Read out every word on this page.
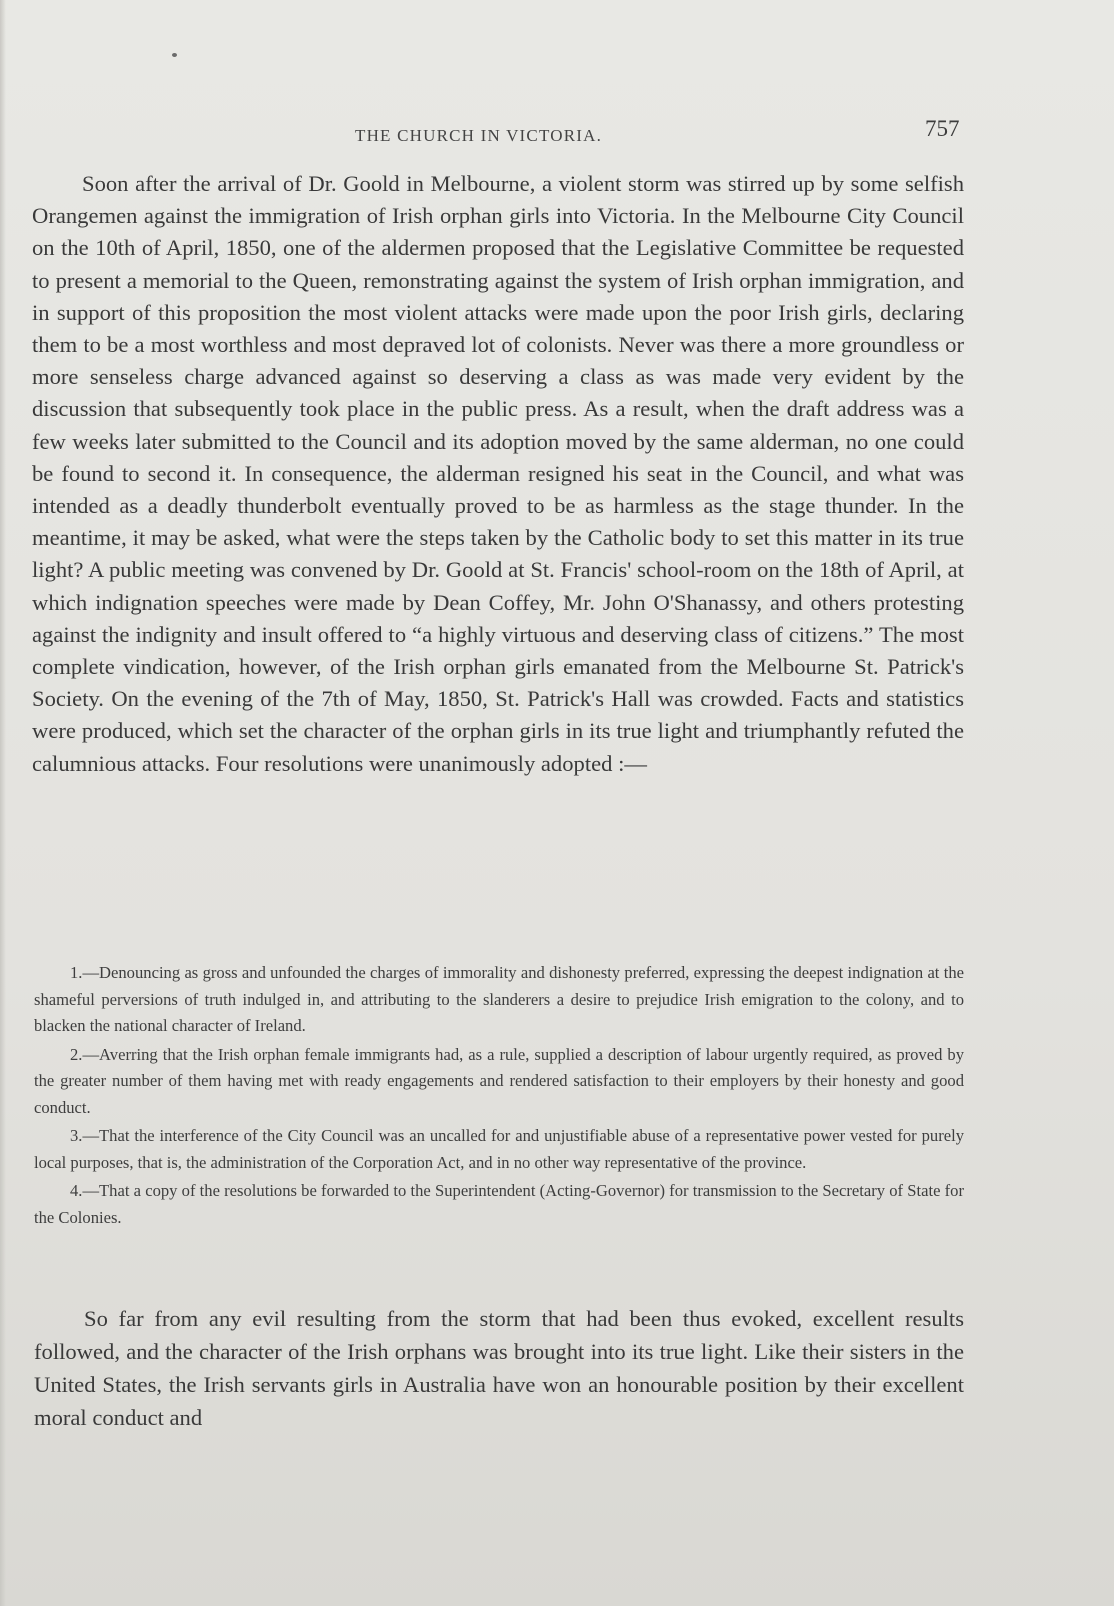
THE CHURCH IN VICTORIA.	757

Soon after the arrival of Dr. Goold in Melbourne, a violent storm was stirred up by some selfish Orangemen against the immigration of Irish orphan girls into Victoria. In the Melbourne City Council on the 10th of April, 1850, one of the aldermen proposed that the Legislative Committee be requested to present a memorial to the Queen, remonstrating against the system of Irish orphan immigration, and in support of this proposition the most violent attacks were made upon the poor Irish girls, declaring them to be a most worthless and most depraved lot of colonists. Never was there a more groundless or more senseless charge advanced against so deserving a class as was made very evident by the discussion that subsequently took place in the public press. As a result, when the draft address was a few weeks later submitted to the Council and its adoption moved by the same alderman, no one could be found to second it. In consequence, the alderman resigned his seat in the Council, and what was intended as a deadly thunderbolt eventually proved to be as harmless as the stage thunder. In the meantime, it may be asked, what were the steps taken by the Catholic body to set this matter in its true light? A public meeting was convened by Dr. Goold at St. Francis' school-room on the 18th of April, at which indignation speeches were made by Dean Coffey, Mr. John O'Shanassy, and others protesting against the indignity and insult offered to “a highly virtuous and deserving class of citizens.” The most complete vindication, however, of the Irish orphan girls emanated from the Melbourne St. Patrick's Society. On the evening of the 7th of May, 1850, St. Patrick's Hall was crowded. Facts and statistics were produced, which set the character of the orphan girls in its true light and triumphantly refuted the calumnious attacks. Four resolutions were unanimously adopted :—

1.—Denouncing as gross and unfounded the charges of immorality and dishonesty preferred, expressing the deepest indignation at the shameful perversions of truth indulged in, and attributing to the slanderers a desire to prejudice Irish emigration to the colony, and to blacken the national character of Ireland.

2.—Averring that the Irish orphan female immigrants had, as a rule, supplied a description of labour urgently required, as proved by the greater number of them having met with ready engagements and rendered satisfaction to their employers by their honesty and good conduct.

3.—That the interference of the City Council was an uncalled for and unjustifiable abuse of a representative power vested for purely local purposes, that is, the administration of the Corporation Act, and in no other way representative of the province.

4.—That a copy of the resolutions be forwarded to the Superintendent (Acting-Governor) for transmission to the Secretary of State for the Colonies.

So far from any evil resulting from the storm that had been thus evoked, excellent results followed, and the character of the Irish orphans was brought into its true light. Like their sisters in the United States, the Irish servants girls in Australia have won an honourable position by their excellent moral conduct and
